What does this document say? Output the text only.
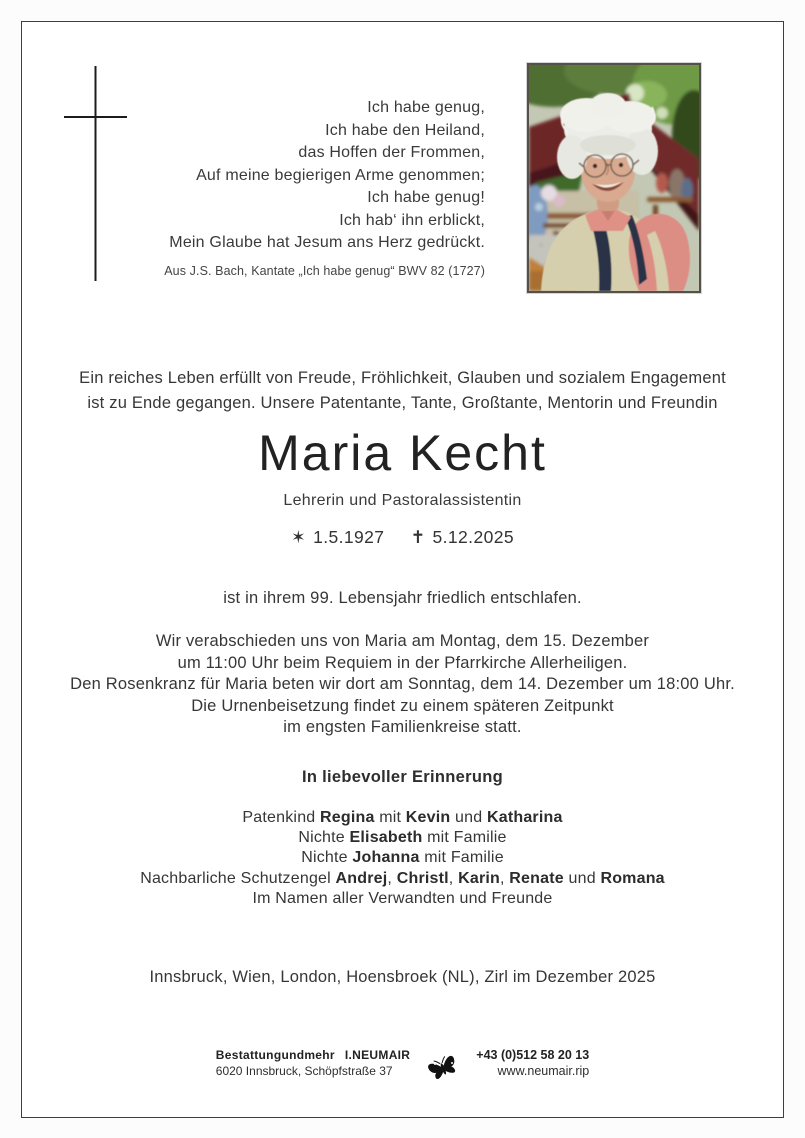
Ich habe genug,
Ich habe den Heiland,
das Hoffen der Frommen,
Auf meine begierigen Arme genommen;
Ich habe genug!
Ich hab‘ ihn erblickt,
Mein Glaube hat Jesum ans Herz gedrückt.
Aus J.S. Bach, Kantate „Ich habe genug“ BWV 82 (1727)
Ein reiches Leben erfüllt von Freude, Fröhlichkeit, Glauben und sozialem Engagement
ist zu Ende gegangen. Unsere Patentante, Tante, Großtante, Mentorin und Freundin
Maria Kecht
Lehrerin und Pastoralassistentin
✶ 1.5.1927 ✝ 5.12.2025
ist in ihrem 99. Lebensjahr friedlich entschlafen.
Wir verabschieden uns von Maria am Montag, dem 15. Dezember
um 11:00 Uhr beim Requiem in der Pfarrkirche Allerheiligen.
Den Rosenkranz für Maria beten wir dort am Sonntag, dem 14. Dezember um 18:00 Uhr.
Die Urnenbeisetzung findet zu einem späteren Zeitpunkt
im engsten Familienkreise statt.
In liebevoller Erinnerung
Patenkind Regina mit Kevin und Katharina
Nichte Elisabeth mit Familie
Nichte Johanna mit Familie
Nachbarliche Schutzengel Andrej, Christl, Karin, Renate und Romana
Im Namen aller Verwandten und Freunde
Innsbruck, Wien, London, Hoensbroek (NL), Zirl im Dezember 2025
Bestattungundmehr I.NEUMAIR
6020 Innsbruck, Schöpfstraße 37
+43 (0)512 58 20 13
www.neumair.rip
